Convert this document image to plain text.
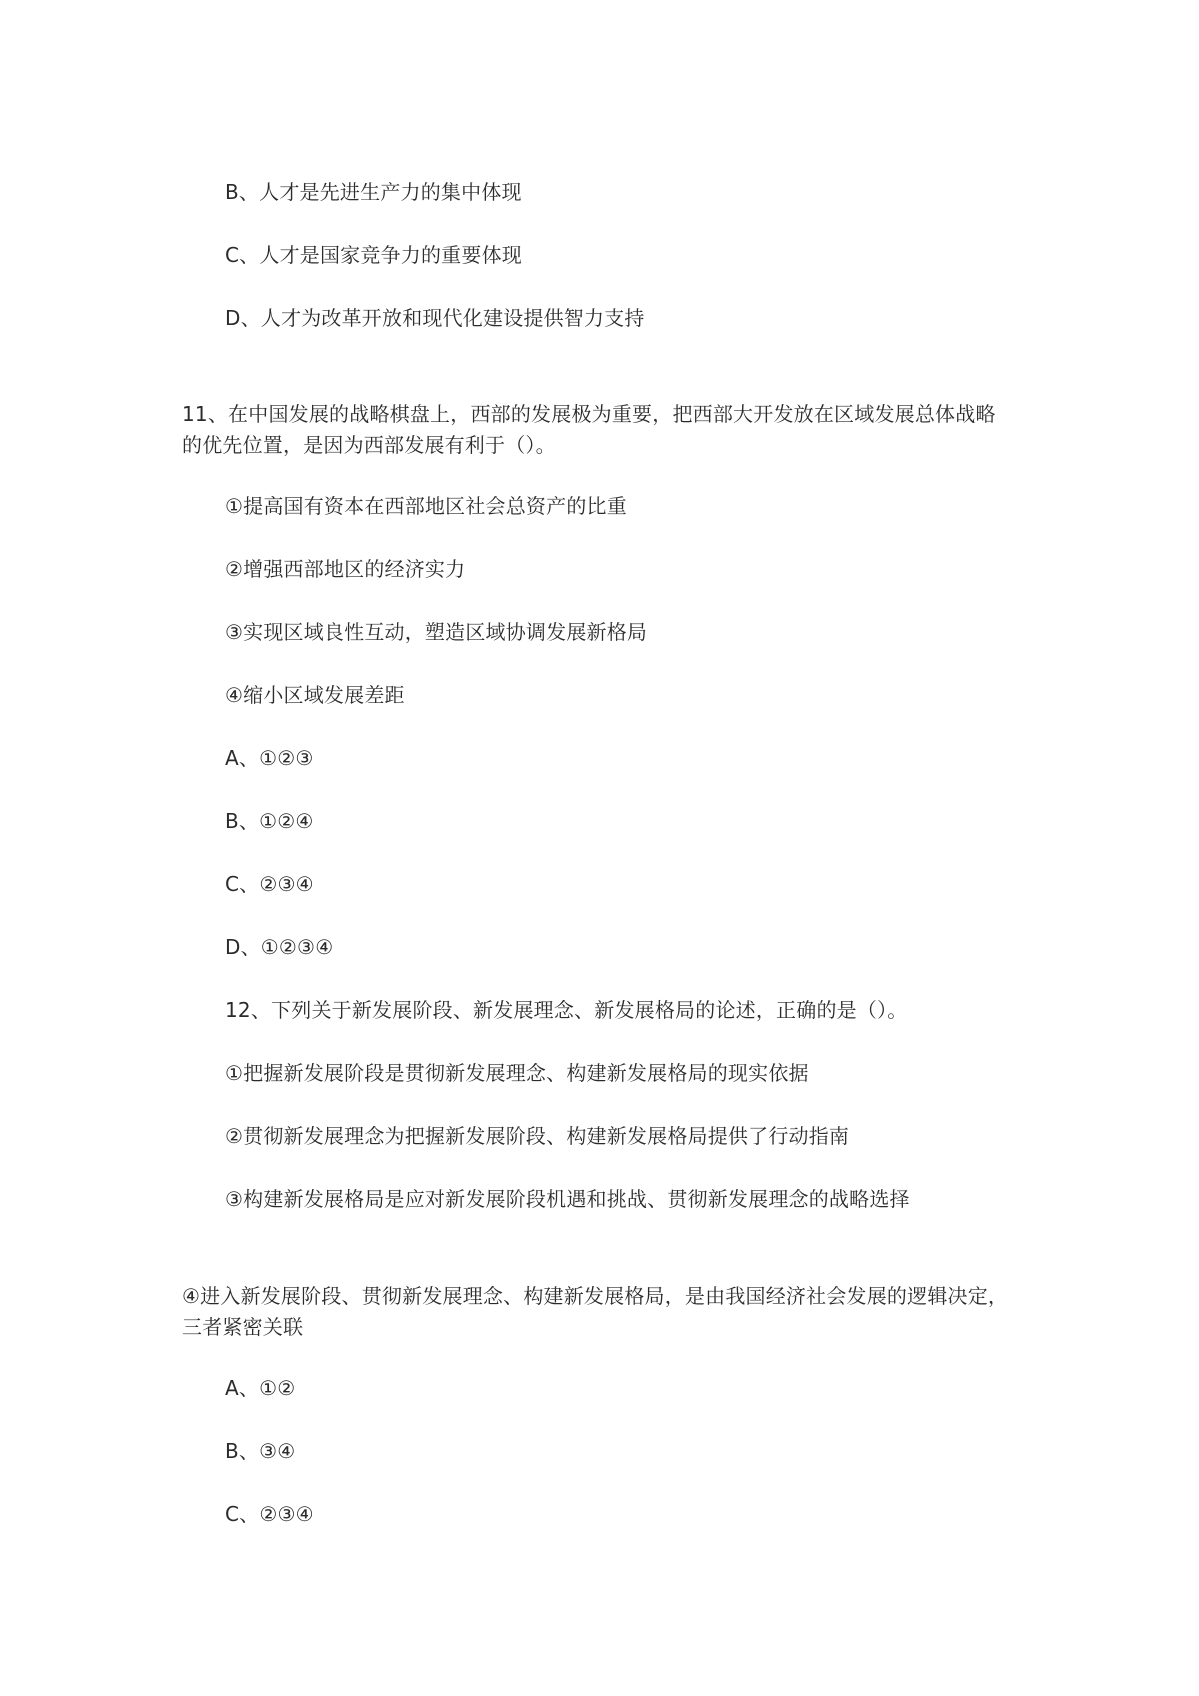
B、人才是先进生产力的集中体现
C、人才是国家竞争力的重要体现
D、人才为改革开放和现代化建设提供智力支持
11、在中国发展的战略棋盘上，西部的发展极为重要，把西部大开发放在区域发展总体战略的优先位置，是因为西部发展有利于（）。
①提高国有资本在西部地区社会总资产的比重
②增强西部地区的经济实力
③实现区域良性互动，塑造区域协调发展新格局
④缩小区域发展差距
A、①②③
B、①②④
C、②③④
D、①②③④
12、下列关于新发展阶段、新发展理念、新发展格局的论述，正确的是（）。
①把握新发展阶段是贯彻新发展理念、构建新发展格局的现实依据
②贯彻新发展理念为把握新发展阶段、构建新发展格局提供了行动指南
③构建新发展格局是应对新发展阶段机遇和挑战、贯彻新发展理念的战略选择
④进入新发展阶段、贯彻新发展理念、构建新发展格局，是由我国经济社会发展的逻辑决定，三者紧密关联
A、①②
B、③④
C、②③④
